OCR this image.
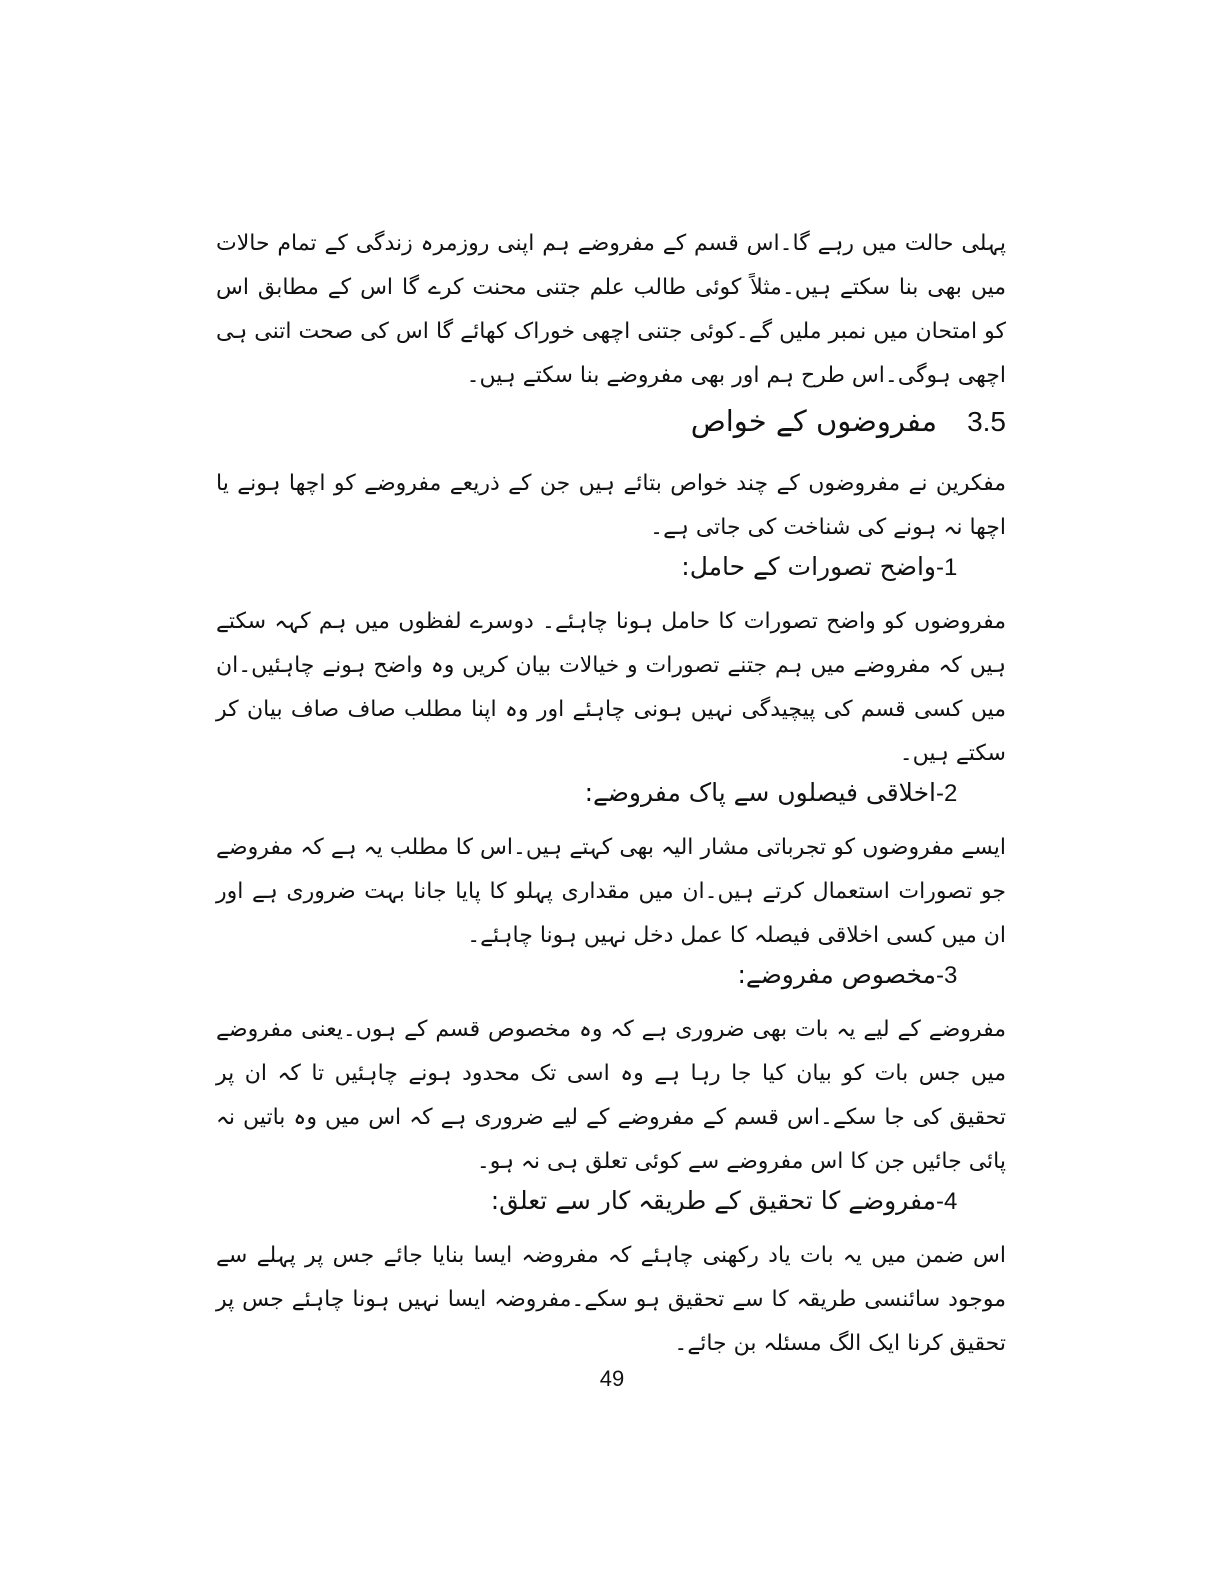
پہلی حالت میں رہے گا۔اس قسم کے مفروضے ہم اپنی روزمرہ زندگی کے تمام حالات میں بھی بنا سکتے ہیں۔مثلاً کوئی طالب علم جتنی محنت کرے گا اس کے مطابق اس کو امتحان میں نمبر ملیں گے۔کوئی جتنی اچھی خوراک کھائے گا اس کی صحت اتنی ہی اچھی ہوگی۔اس طرح ہم اور بھی مفروضے بنا سکتے ہیں۔

3.5
مفروضوں کے خواص

مفکرین نے مفروضوں کے چند خواص بتائے ہیں جن کے ذریعے مفروضے کو اچھا ہونے یا اچھا نہ ہونے کی شناخت کی جاتی ہے۔

-1
واضح تصورات کے حامل:

مفروضوں کو واضح تصورات کا حامل ہونا چاہئے۔ دوسرے لفظوں میں ہم کہہ سکتے ہیں کہ مفروضے میں ہم جتنے تصورات و خیالات بیان کریں وہ واضح ہونے چاہئیں۔ان میں کسی قسم کی پیچیدگی نہیں ہونی چاہئے اور وہ اپنا مطلب صاف صاف بیان کر سکتے ہیں۔

-2
اخلاقی فیصلوں سے پاک مفروضے:

ایسے مفروضوں کو تجرباتی مشار الیہ بھی کہتے ہیں۔اس کا مطلب یہ ہے کہ مفروضے جو تصورات استعمال کرتے ہیں۔ان میں مقداری پہلو کا پایا جانا بہت ضروری ہے اور ان میں کسی اخلاقی فیصلہ کا عمل دخل نہیں ہونا چاہئے۔

-3
مخصوص مفروضے:

مفروضے کے لیے یہ بات بھی ضروری ہے کہ وہ مخصوص قسم کے ہوں۔یعنی مفروضے میں جس بات کو بیان کیا جا رہا ہے وہ اسی تک محدود ہونے چاہئیں تا کہ ان پر تحقیق کی جا سکے۔اس قسم کے مفروضے کے لیے ضروری ہے کہ اس میں وہ باتیں نہ پائی جائیں جن کا اس مفروضے سے کوئی تعلق ہی نہ ہو۔

-4
مفروضے کا تحقیق کے طریقہ کار سے تعلق:

اس ضمن میں یہ بات یاد رکھنی چاہئے کہ مفروضہ ایسا بنایا جائے جس پر پہلے سے موجود سائنسی طریقہ کا سے تحقیق ہو سکے۔مفروضہ ایسا نہیں ہونا چاہئے جس پر تحقیق کرنا ایک الگ مسئلہ بن جائے۔

49
